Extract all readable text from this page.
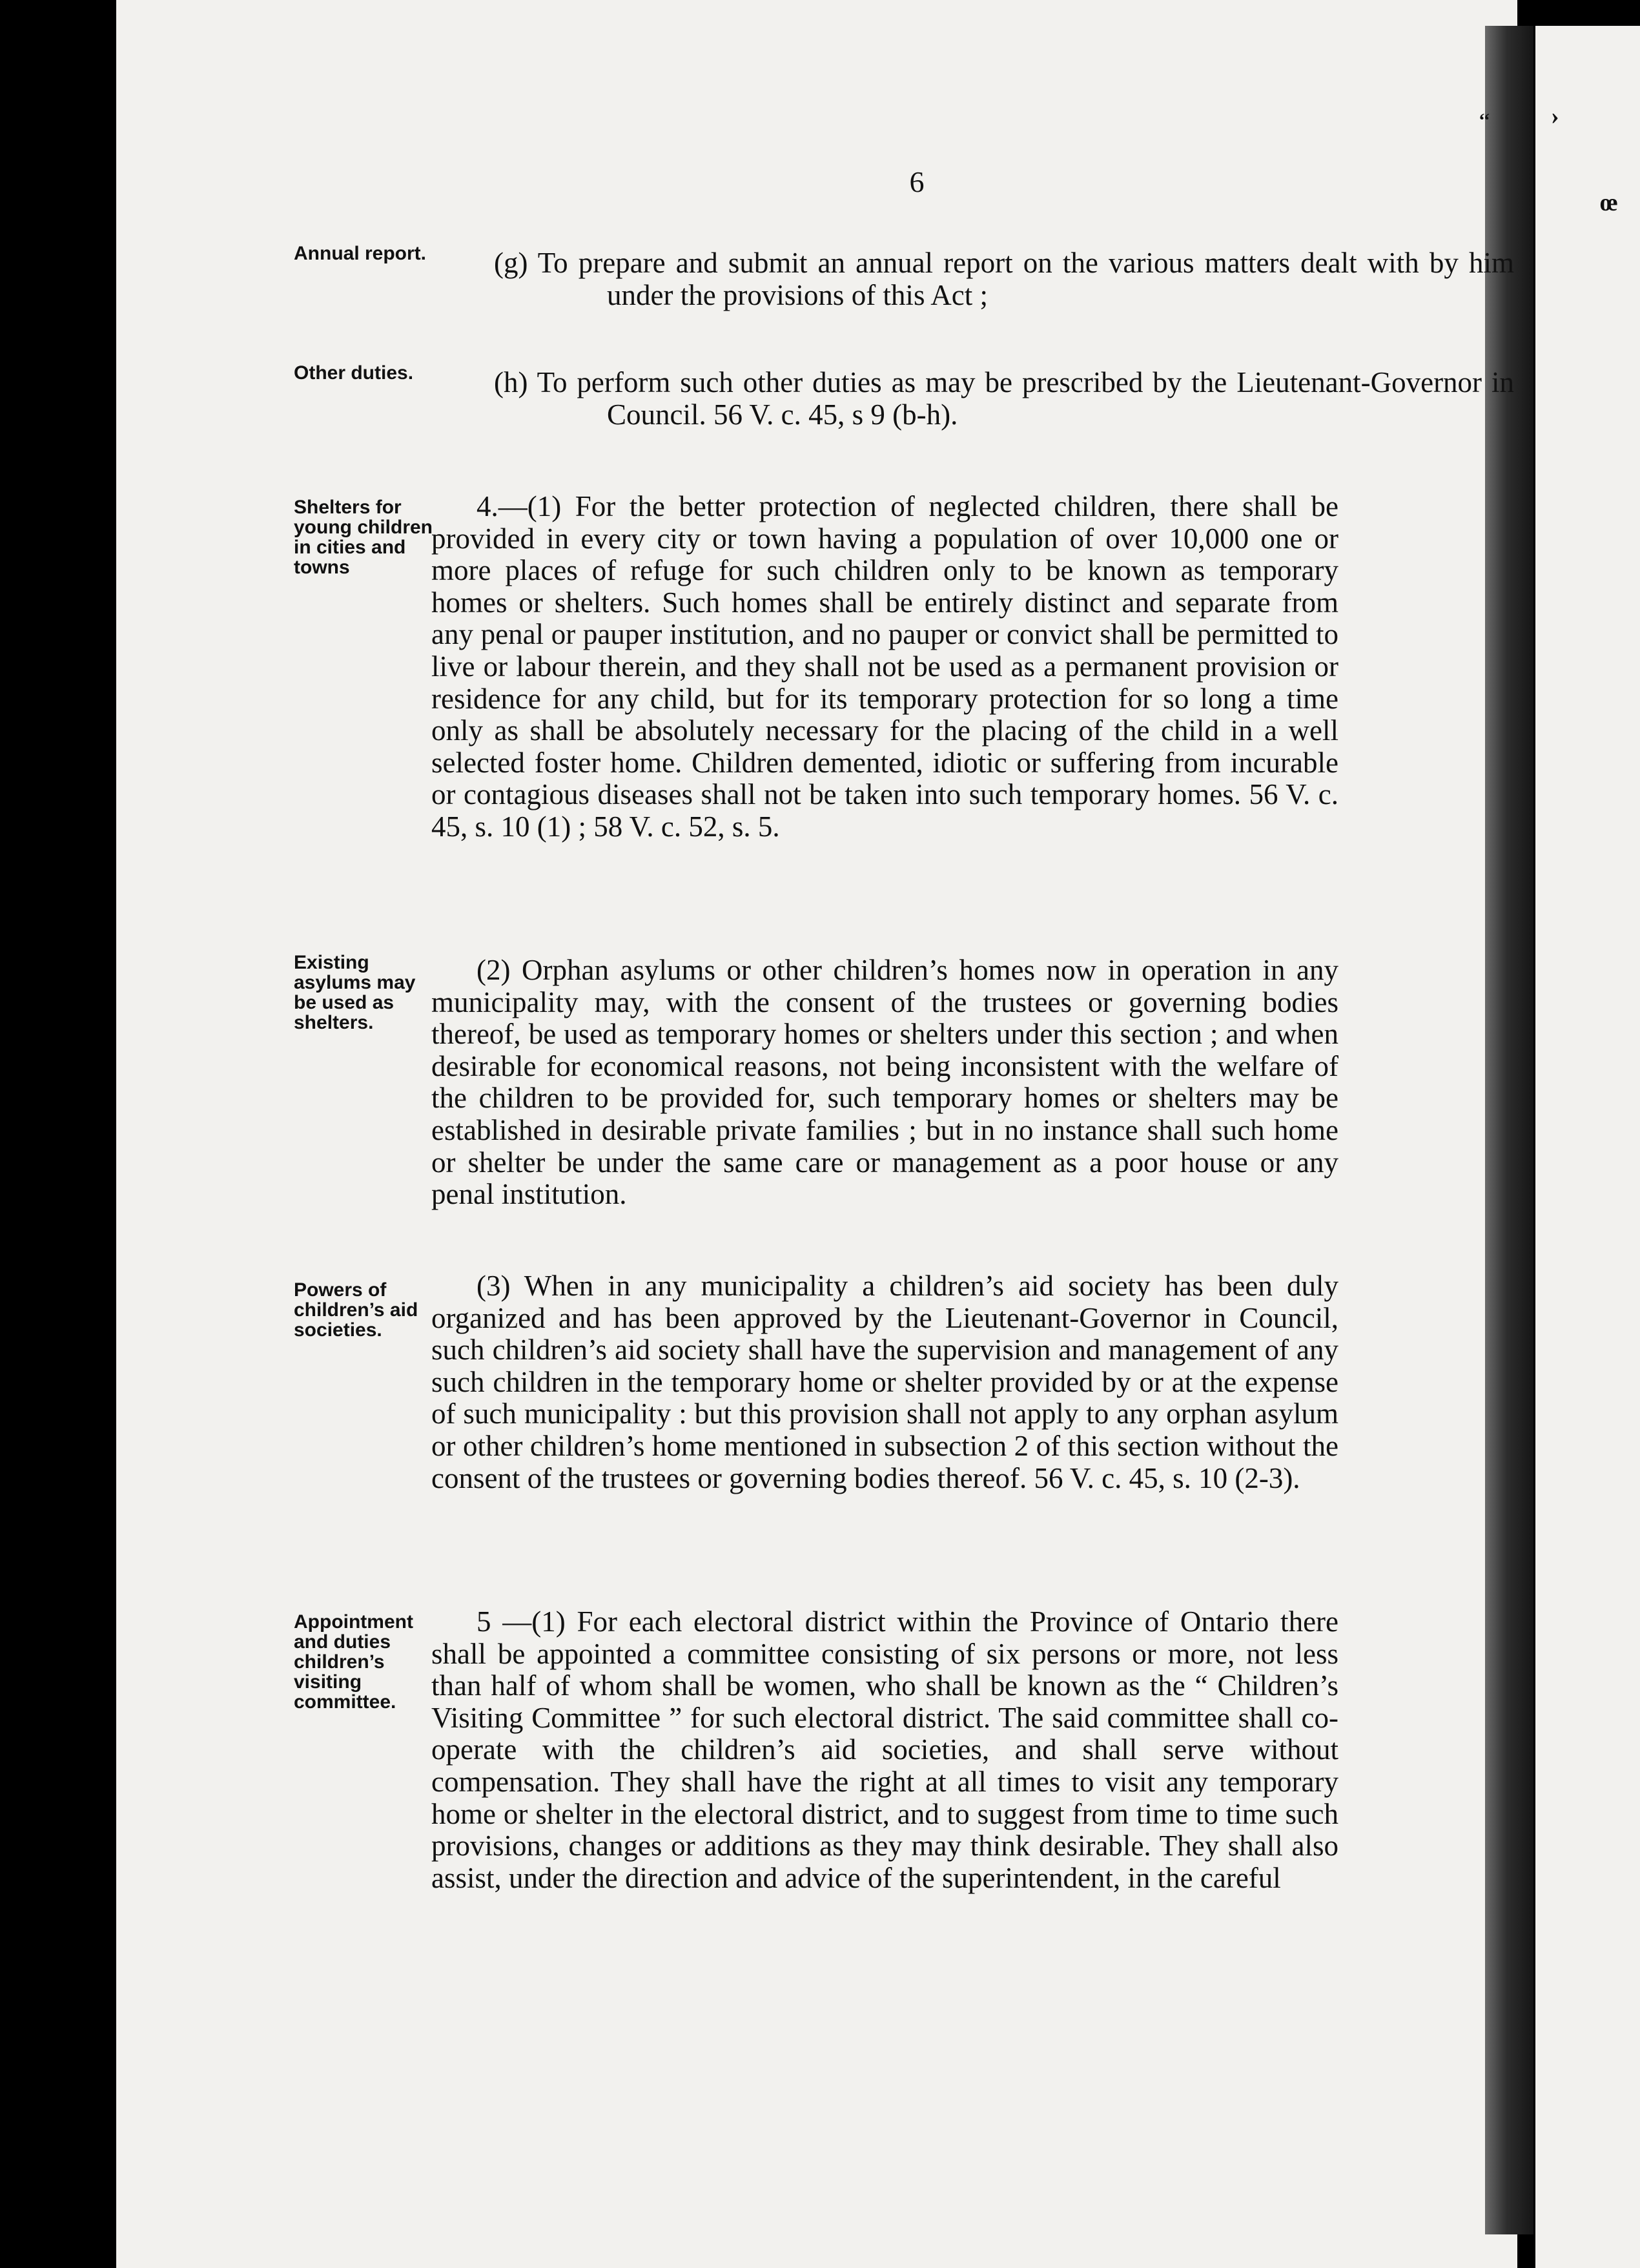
‘‘ ›
œ
6
Annual report.	(g) To prepare and submit an annual report on the various matters dealt with by him under the provisions of this Act ;
Other duties.	(h) To perform such other duties as may be prescribed by the Lieutenant-Governor in Council. 56 V. c. 45, s 9 (b-h).
Shelters for young children in cities and towns
4.—(1) For the better protection of neglected children, there shall be provided in every city or town having a population of over 10,000 one or more places of refuge for such children only to be known as temporary homes or shelters. Such homes shall be entirely distinct and separate from any penal or pauper institution, and no pauper or convict shall be permitted to live or labour therein, and they shall not be used as a permanent provision or residence for any child, but for its temporary protection for so long a time only as shall be absolutely necessary for the placing of the child in a well selected foster home. Children demented, idiotic or suffering from incurable or contagious diseases shall not be taken into such temporary homes. 56 V. c. 45, s. 10 (1) ; 58 V. c. 52, s. 5.
Existing asylums may be used as shelters.
(2) Orphan asylums or other children’s homes now in operation in any municipality may, with the consent of the trustees or governing bodies thereof, be used as temporary homes or shelters under this section ; and when desirable for economical reasons, not being inconsistent with the welfare of the children to be provided for, such temporary homes or shelters may be established in desirable private families ; but in no instance shall such home or shelter be under the same care or management as a poor house or any penal institution.
Powers of children’s aid societies.
(3) When in any municipality a children’s aid society has been duly organized and has been approved by the Lieutenant-Governor in Council, such children’s aid society shall have the supervision and management of any such children in the temporary home or shelter provided by or at the expense of such municipality : but this provision shall not apply to any orphan asylum or other children’s home mentioned in subsection 2 of this section without the consent of the trustees or governing bodies thereof. 56 V. c. 45, s. 10 (2-3).
Appointment and duties children’s visiting committee.
5 —(1) For each electoral district within the Province of Ontario there shall be appointed a committee consisting of six persons or more, not less than half of whom shall be women, who shall be known as the “ Children’s Visiting Committee ” for such electoral district. The said committee shall co-operate with the children’s aid societies, and shall serve without compensation. They shall have the right at all times to visit any temporary home or shelter in the electoral district, and to suggest from time to time such provisions, changes or additions as they may think desirable. They shall also assist, under the direction and advice of the superintendent, in the careful
